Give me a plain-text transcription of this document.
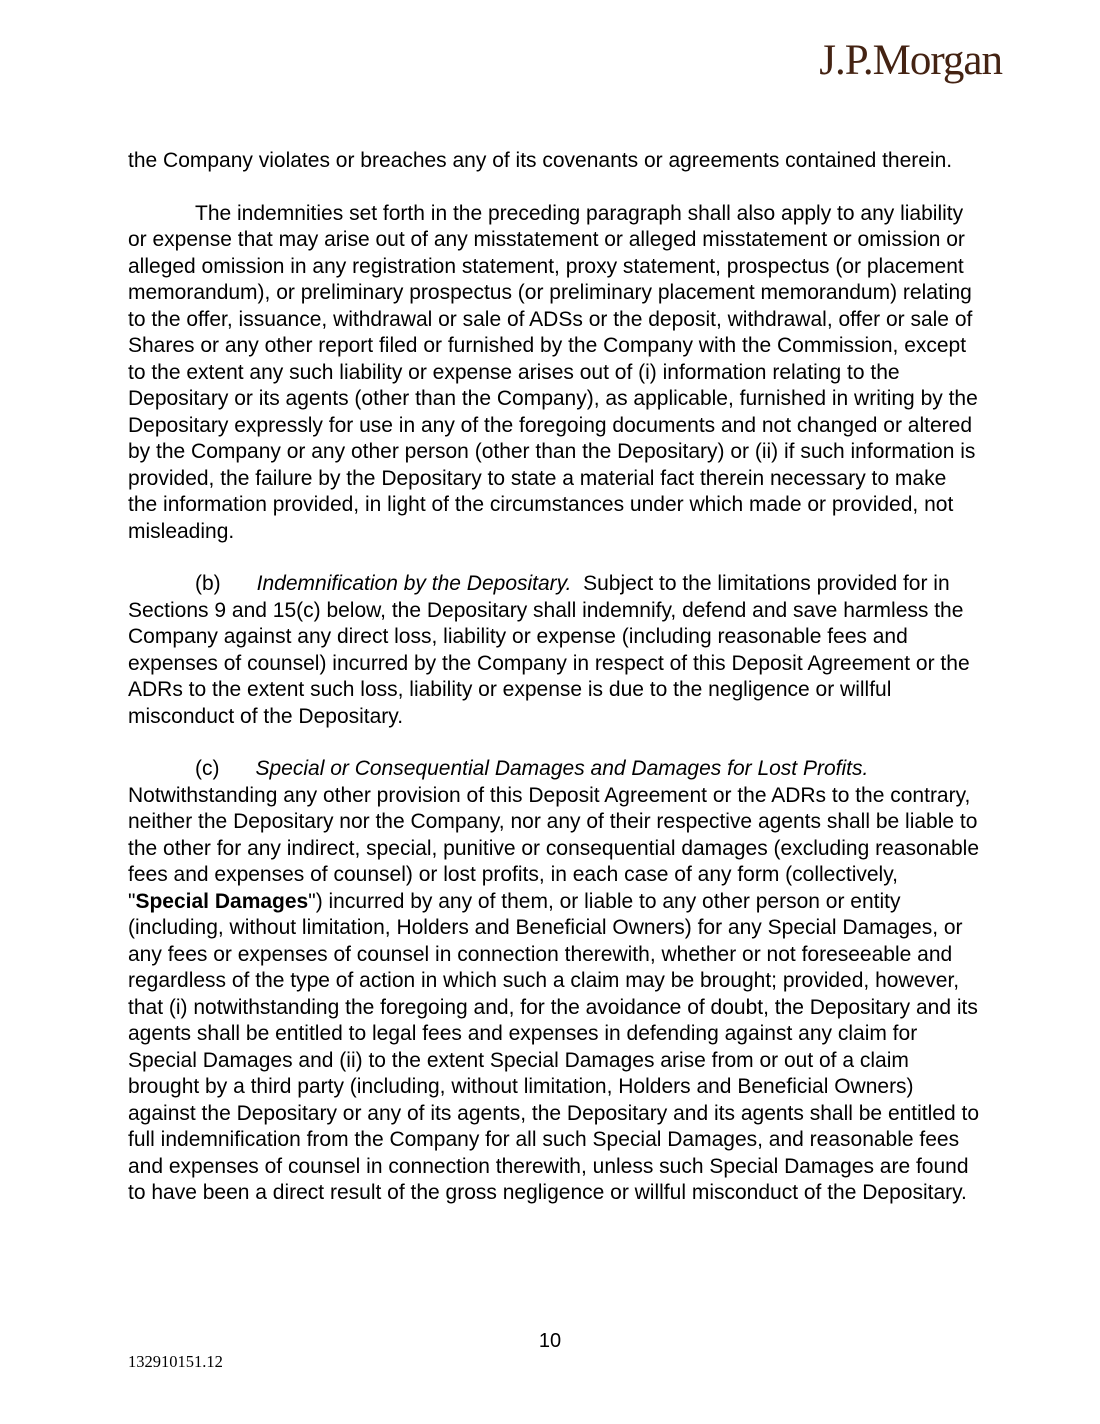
J.P.Morgan

the Company violates or breaches any of its covenants or agreements contained therein.

The indemnities set forth in the preceding paragraph shall also apply to any liability or expense that may arise out of any misstatement or alleged misstatement or omission or alleged omission in any registration statement, proxy statement, prospectus (or placement memorandum), or preliminary prospectus (or preliminary placement memorandum) relating to the offer, issuance, withdrawal or sale of ADSs or the deposit, withdrawal, offer or sale of Shares or any other report filed or furnished by the Company with the Commission, except to the extent any such liability or expense arises out of (i) information relating to the Depositary or its agents (other than the Company), as applicable, furnished in writing by the Depositary expressly for use in any of the foregoing documents and not changed or altered by the Company or any other person (other than the Depositary) or (ii) if such information is provided, the failure by the Depositary to state a material fact therein necessary to make the information provided, in light of the circumstances under which made or provided, not misleading.

(b) Indemnification by the Depositary.  Subject to the limitations provided for in Sections 9 and 15(c) below, the Depositary shall indemnify, defend and save harmless the Company against any direct loss, liability or expense (including reasonable fees and expenses of counsel) incurred by the Company in respect of this Deposit Agreement or the ADRs to the extent such loss, liability or expense is due to the negligence or willful misconduct of the Depositary.

(c) Special or Consequential Damages and Damages for Lost Profits.  Notwithstanding any other provision of this Deposit Agreement or the ADRs to the contrary, neither the Depositary nor the Company, nor any of their respective agents shall be liable to the other for any indirect, special, punitive or consequential damages (excluding reasonable fees and expenses of counsel) or lost profits, in each case of any form (collectively, "Special Damages") incurred by any of them, or liable to any other person or entity (including, without limitation, Holders and Beneficial Owners) for any Special Damages, or any fees or expenses of counsel in connection therewith, whether or not foreseeable and regardless of the type of action in which such a claim may be brought; provided, however, that (i) notwithstanding the foregoing and, for the avoidance of doubt, the Depositary and its agents shall be entitled to legal fees and expenses in defending against any claim for Special Damages and (ii) to the extent Special Damages arise from or out of a claim brought by a third party (including, without limitation, Holders and Beneficial Owners) against the Depositary or any of its agents, the Depositary and its agents shall be entitled to full indemnification from the Company for all such Special Damages, and reasonable fees and expenses of counsel in connection therewith, unless such Special Damages are found to have been a direct result of the gross negligence or willful misconduct of the Depositary.

10
132910151.12
